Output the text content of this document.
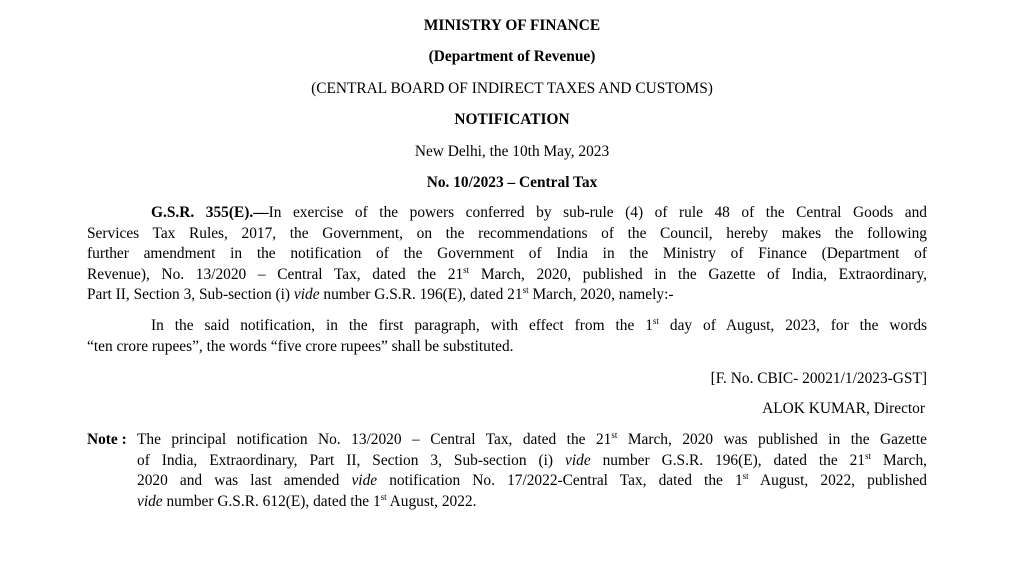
MINISTRY OF FINANCE
(Department of Revenue)
(CENTRAL BOARD OF INDIRECT TAXES AND CUSTOMS)
NOTIFICATION
New Delhi, the 10th May, 2023
No. 10/2023 – Central Tax
G.S.R. 355(E).—In exercise of the powers conferred by sub-rule (4) of rule 48 of the Central Goods and
Services Tax Rules, 2017, the Government, on the recommendations of the Council, hereby makes the following
further amendment in the notification of the Government of India in the Ministry of Finance (Department of
Revenue), No. 13/2020 – Central Tax, dated the 21st March, 2020, published in the Gazette of India, Extraordinary,
Part II, Section 3, Sub-section (i) vide number G.S.R. 196(E), dated 21st March, 2020, namely:-
In the said notification, in the first paragraph, with effect from the 1st day of August, 2023, for the words
“ten crore rupees”, the words “five crore rupees” shall be substituted.
[F. No. CBIC- 20021/1/2023-GST]
ALOK KUMAR, Director
Note : The principal notification No. 13/2020 – Central Tax, dated the 21st March, 2020 was published in the Gazette
of India, Extraordinary, Part II, Section 3, Sub-section (i) vide number G.S.R. 196(E), dated the 21st March,
2020 and was last amended vide notification No. 17/2022-Central Tax, dated the 1st August, 2022, published
vide number G.S.R. 612(E), dated the 1st August, 2022.
